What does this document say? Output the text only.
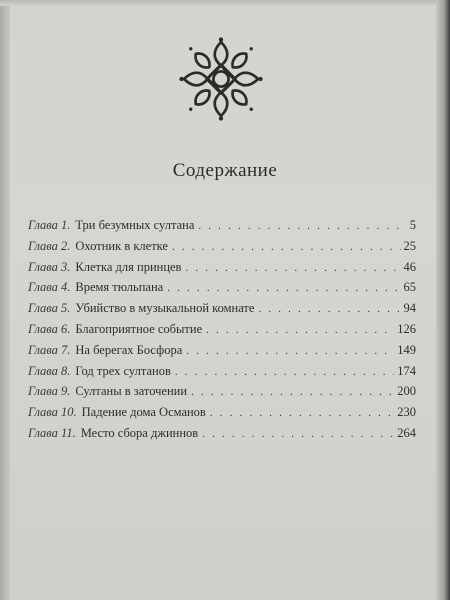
Содержание
Глава 1. Три безумных султана . . .	5
Глава 2. Охотник в клетке . . .	25
Глава 3. Клетка для принцев . . .	46
Глава 4. Время тюльпана . . .	65
Глава 5. Убийство в музыкальной комнате . . .	94
Глава 6. Благоприятное событие . . .	126
Глава 7. На берегах Босфора . . .	149
Глава 8. Год трех султанов . . .	174
Глава 9. Султаны в заточении . . .	200
Глава 10. Падение дома Османов . . .	230
Глава 11. Место сбора джиннов . . .	264
